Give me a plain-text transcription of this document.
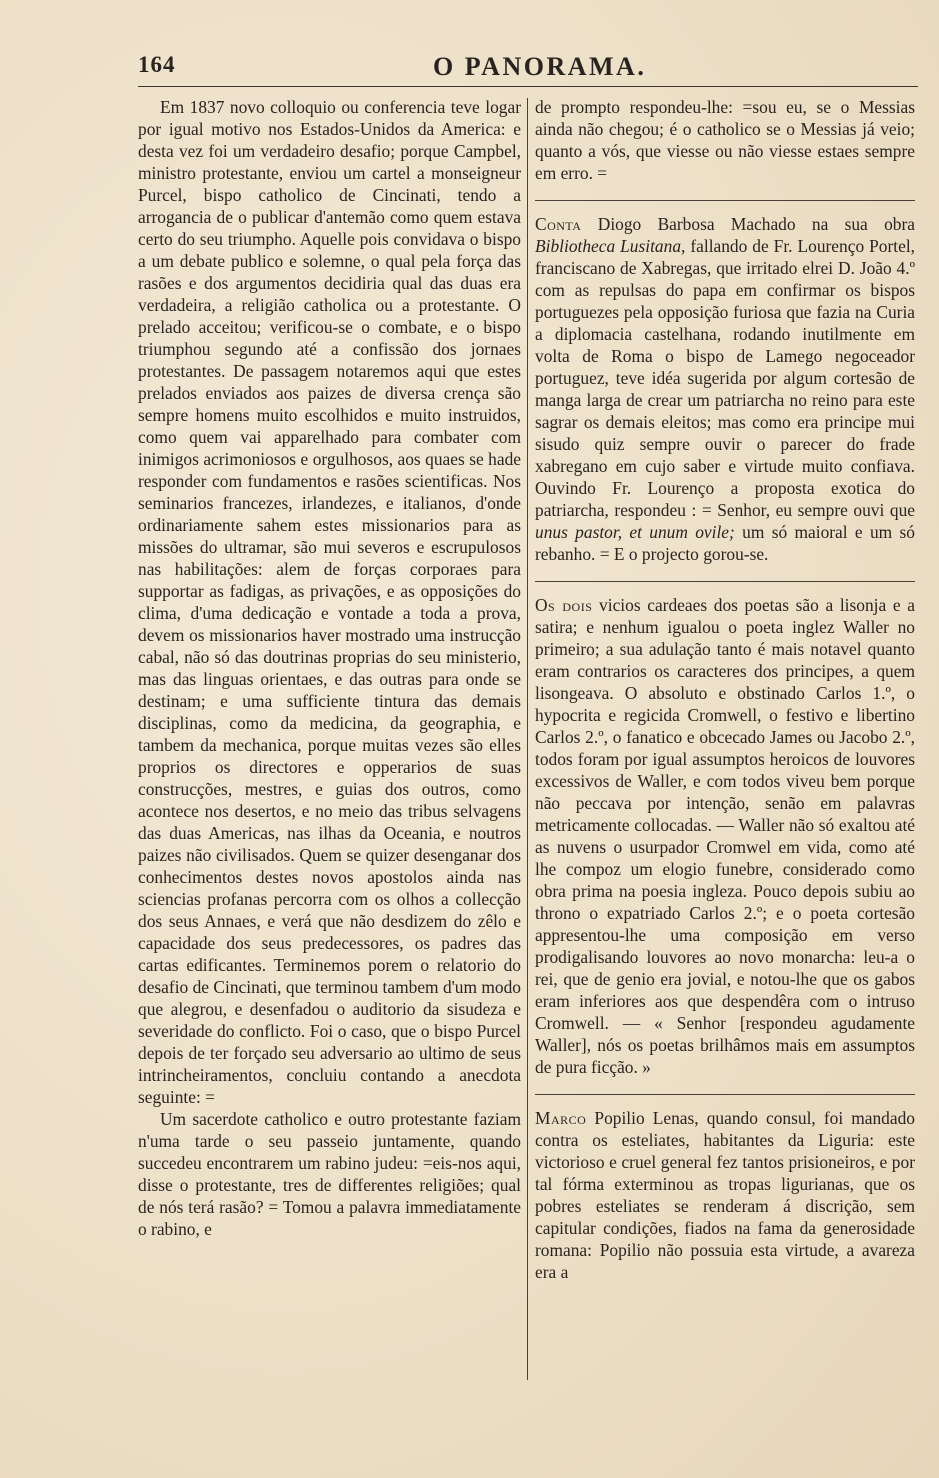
164	O PANORAMA.

Em 1837 novo colloquio ou conferencia teve logar por igual motivo nos Estados-Unidos da America: e desta vez foi um verdadeiro desafio; porque Campbel, ministro protestante, enviou um cartel a monseigneur Purcel, bispo catholico de Cincinati, tendo a arrogancia de o publicar d'antemão como quem estava certo do seu triumpho. Aquelle pois convidava o bispo a um debate publico e solemne, o qual pela força das rasões e dos argumentos decidiria qual das duas era verdadeira, a religião catholica ou a protestante. O prelado acceitou; verificou-se o combate, e o bispo triumphou segundo até a confissão dos jornaes protestantes. De passagem notaremos aqui que estes prelados enviados aos paizes de diversa crença são sempre homens muito escolhidos e muito instruidos, como quem vai apparelhado para combater com inimigos acrimoniosos e orgulhosos, aos quaes se hade responder com fundamentos e rasões scientificas. Nos seminarios francezes, irlandezes, e italianos, d'onde ordinariamente sahem estes missionarios para as missões do ultramar, são mui severos e escrupulosos nas habilitações: alem de forças corporaes para supportar as fadigas, as privações, e as opposições do clima, d'uma dedicação e vontade a toda a prova, devem os missionarios haver mostrado uma instrucção cabal, não só das doutrinas proprias do seu ministerio, mas das linguas orientaes, e das outras para onde se destinam; e uma sufficiente tintura das demais disciplinas, como da medicina, da geographia, e tambem da mechanica, porque muitas vezes são elles proprios os directores e opperarios de suas construcções, mestres, e guias dos outros, como acontece nos desertos, e no meio das tribus selvagens das duas Americas, nas ilhas da Oceania, e noutros paizes não civilisados. Quem se quizer desenganar dos conhecimentos destes novos apostolos ainda nas sciencias profanas percorra com os olhos a collecção dos seus Annaes, e verá que não desdizem do zêlo e capacidade dos seus predecessores, os padres das cartas edificantes. Terminemos porem o relatorio do desafio de Cincinati, que terminou tambem d'um modo que alegrou, e desenfadou o auditorio da sisudeza e severidade do conflicto. Foi o caso, que o bispo Purcel depois de ter forçado seu adversario ao ultimo de seus intrincheiramentos, concluiu contando a anecdota seguinte: =

Um sacerdote catholico e outro protestante faziam n'uma tarde o seu passeio juntamente, quando succedeu encontrarem um rabino judeu: =eis-nos aqui, disse o protestante, tres de differentes religiões; qual de nós terá rasão? = Tomou a palavra immediatamente o rabino, e

de prompto respondeu-lhe: =sou eu, se o Messias ainda não chegou; é o catholico se o Messias já veio; quanto a vós, que viesse ou não viesse estaes sempre em erro. =

Conta Diogo Barbosa Machado na sua obra Bibliotheca Lusitana, fallando de Fr. Lourenço Portel, franciscano de Xabregas, que irritado elrei D. João 4.º com as repulsas do papa em confirmar os bispos portuguezes pela opposição furiosa que fazia na Curia a diplomacia castelhana, rodando inutilmente em volta de Roma o bispo de Lamego negoceador portuguez, teve idéa sugerida por algum cortesão de manga larga de crear um patriarcha no reino para este sagrar os demais eleitos; mas como era principe mui sisudo quiz sempre ouvir o parecer do frade xabregano em cujo saber e virtude muito confiava. Ouvindo Fr. Lourenço a proposta exotica do patriarcha, respondeu : = Senhor, eu sempre ouvi que unus pastor, et unum ovile; um só maioral e um só rebanho. = E o projecto gorou-se.

Os dois vicios cardeaes dos poetas são a lisonja e a satira; e nenhum igualou o poeta inglez Waller no primeiro; a sua adulação tanto é mais notavel quanto eram contrarios os caracteres dos principes, a quem lisongeava. O absoluto e obstinado Carlos 1.º, o hypocrita e regicida Cromwell, o festivo e libertino Carlos 2.º, o fanatico e obcecado James ou Jacobo 2.º, todos foram por igual assumptos heroicos de louvores excessivos de Waller, e com todos viveu bem porque não peccava por intenção, senão em palavras metricamente collocadas. — Waller não só exaltou até as nuvens o usurpador Cromwel em vida, como até lhe compoz um elogio funebre, considerado como obra prima na poesia ingleza. Pouco depois subiu ao throno o expatriado Carlos 2.º; e o poeta cortesão appresentou-lhe uma composição em verso prodigalisando louvores ao novo monarcha: leu-a o rei, que de genio era jovial, e notou-lhe que os gabos eram inferiores aos que despendêra com o intruso Cromwell. — « Senhor [respondeu agudamente Waller], nós os poetas brilhâmos mais em assumptos de pura ficção. »

Marco Popilio Lenas, quando consul, foi mandado contra os esteliates, habitantes da Liguria: este victorioso e cruel general fez tantos prisioneiros, e por tal fórma exterminou as tropas ligurianas, que os pobres esteliates se renderam á discrição, sem capitular condições, fiados na fama da generosidade romana: Popilio não possuia esta virtude, a avareza era a
